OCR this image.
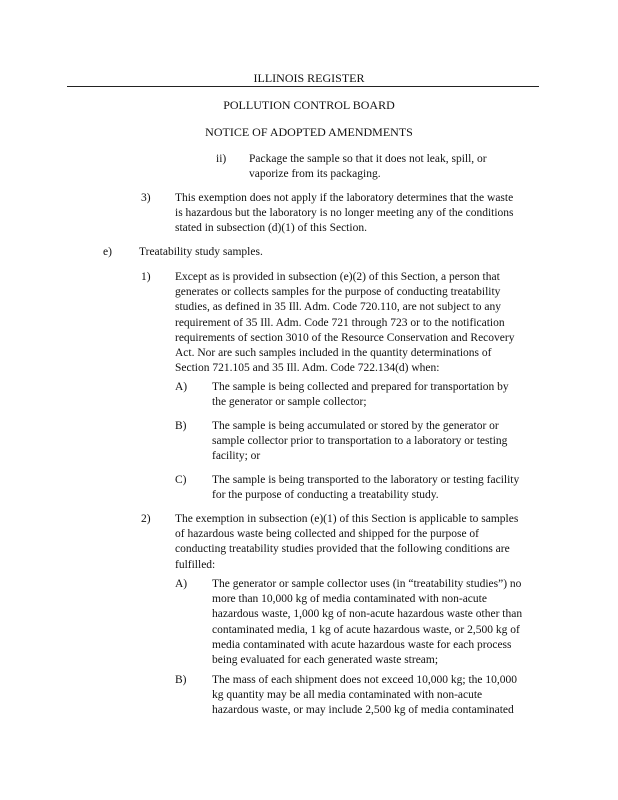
ILLINOIS REGISTER
POLLUTION CONTROL BOARD
NOTICE OF ADOPTED AMENDMENTS
ii) Package the sample so that it does not leak, spill, or
vaporize from its packaging.
3) This exemption does not apply if the laboratory determines that the waste
is hazardous but the laboratory is no longer meeting any of the conditions
stated in subsection (d)(1) of this Section.
e) Treatability study samples.
1) Except as is provided in subsection (e)(2) of this Section, a person that
generates or collects samples for the purpose of conducting treatability
studies, as defined in 35 Ill. Adm. Code 720.110, are not subject to any
requirement of 35 Ill. Adm. Code 721 through 723 or to the notification
requirements of section 3010 of the Resource Conservation and Recovery
Act. Nor are such samples included in the quantity determinations of
Section 721.105 and 35 Ill. Adm. Code 722.134(d) when:
A) The sample is being collected and prepared for transportation by
the generator or sample collector;
B) The sample is being accumulated or stored by the generator or
sample collector prior to transportation to a laboratory or testing
facility; or
C) The sample is being transported to the laboratory or testing facility
for the purpose of conducting a treatability study.
2) The exemption in subsection (e)(1) of this Section is applicable to samples
of hazardous waste being collected and shipped for the purpose of
conducting treatability studies provided that the following conditions are
fulfilled:
A) The generator or sample collector uses (in “treatability studies”) no
more than 10,000 kg of media contaminated with non-acute
hazardous waste, 1,000 kg of non-acute hazardous waste other than
contaminated media, 1 kg of acute hazardous waste, or 2,500 kg of
media contaminated with acute hazardous waste for each process
being evaluated for each generated waste stream;
B) The mass of each shipment does not exceed 10,000 kg; the 10,000
kg quantity may be all media contaminated with non-acute
hazardous waste, or may include 2,500 kg of media contaminated
